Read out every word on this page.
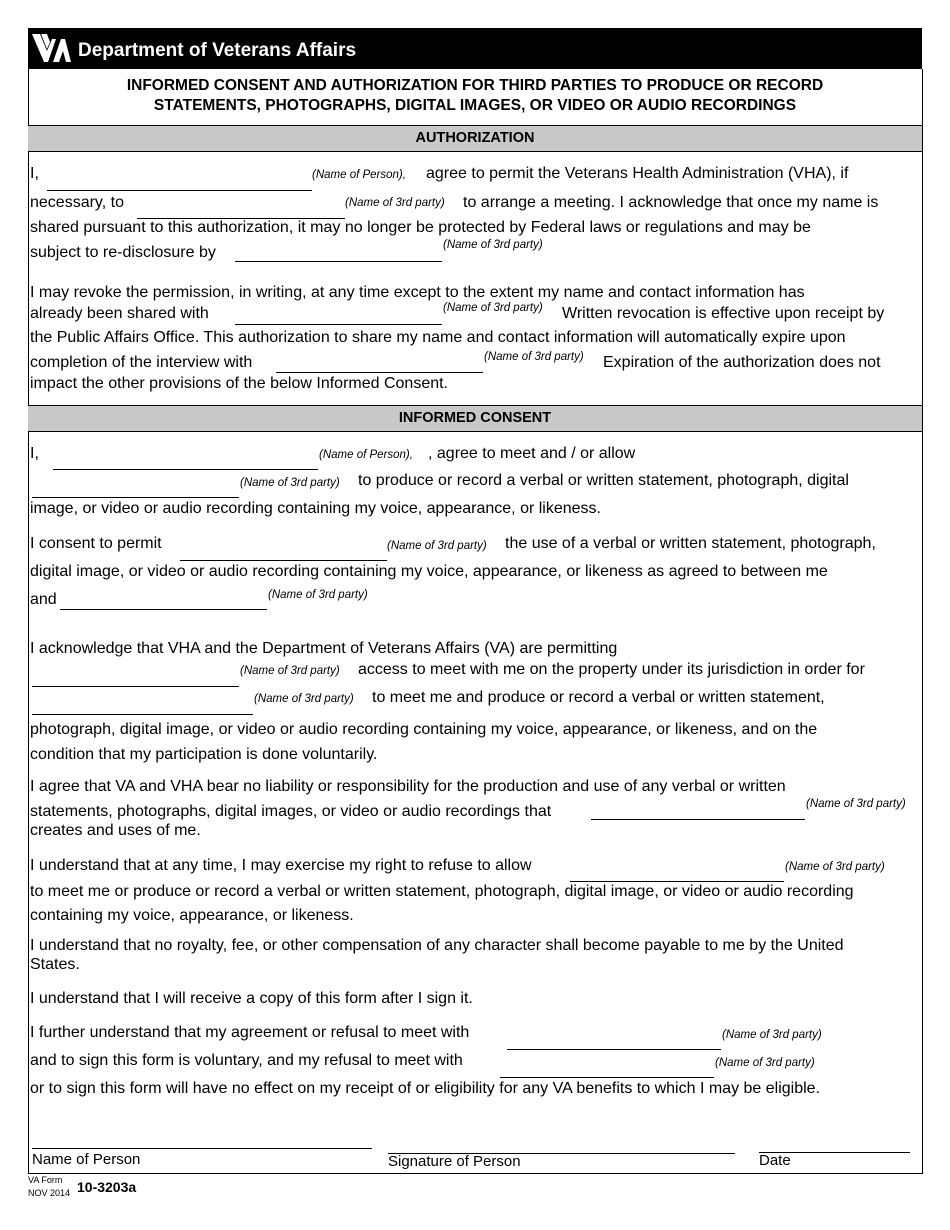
Department of Veterans Affairs
INFORMED CONSENT AND AUTHORIZATION FOR THIRD PARTIES TO PRODUCE OR RECORD
STATEMENTS, PHOTOGRAPHS, DIGITAL IMAGES, OR VIDEO OR AUDIO RECORDINGS
AUTHORIZATION
I,	(Name of Person), agree to permit the Veterans Health Administration (VHA), if
necessary, to	(Name of 3rd party) to arrange a meeting. I acknowledge that once my name is
shared pursuant to this authorization, it may no longer be protected by Federal laws or regulations and may be
subject to re-disclosure by	(Name of 3rd party)
I may revoke the permission, in writing, at any time except to the extent my name and contact information has
already been shared with	(Name of 3rd party) Written revocation is effective upon receipt by
the Public Affairs Office. This authorization to share my name and contact information will automatically expire upon
completion of the interview with	(Name of 3rd party) Expiration of the authorization does not
impact the other provisions of the below Informed Consent.
INFORMED CONSENT
I,	(Name of Person), , agree to meet and / or allow
(Name of 3rd party) to produce or record a verbal or written statement, photograph, digital
image, or video or audio recording containing my voice, appearance, or likeness.
I consent to permit	(Name of 3rd party) the use of a verbal or written statement, photograph,
digital image, or video or audio recording containing my voice, appearance, or likeness as agreed to between me
and	(Name of 3rd party)
I acknowledge that VHA and the Department of Veterans Affairs (VA) are permitting
(Name of 3rd party) access to meet with me on the property under its jurisdiction in order for
(Name of 3rd party) to meet me and produce or record a verbal or written statement,
photograph, digital image, or video or audio recording containing my voice, appearance, or likeness, and on the
condition that my participation is done voluntarily.
I agree that VA and VHA bear no liability or responsibility for the production and use of any verbal or written
statements, photographs, digital images, or video or audio recordings that	(Name of 3rd party)
creates and uses of me.
I understand that at any time, I may exercise my right to refuse to allow	(Name of 3rd party)
to meet me or produce or record a verbal or written statement, photograph, digital image, or video or audio recording
containing my voice, appearance, or likeness.
I understand that no royalty, fee, or other compensation of any character shall become payable to me by the United
States.
I understand that I will receive a copy of this form after I sign it.
I further understand that my agreement or refusal to meet with	(Name of 3rd party)
and to sign this form is voluntary, and my refusal to meet with	(Name of 3rd party)
or to sign this form will have no effect on my receipt of or eligibility for any VA benefits to which I may be eligible.
Name of Person	Signature of Person	Date
VA Form
NOV 2014 10-3203a
